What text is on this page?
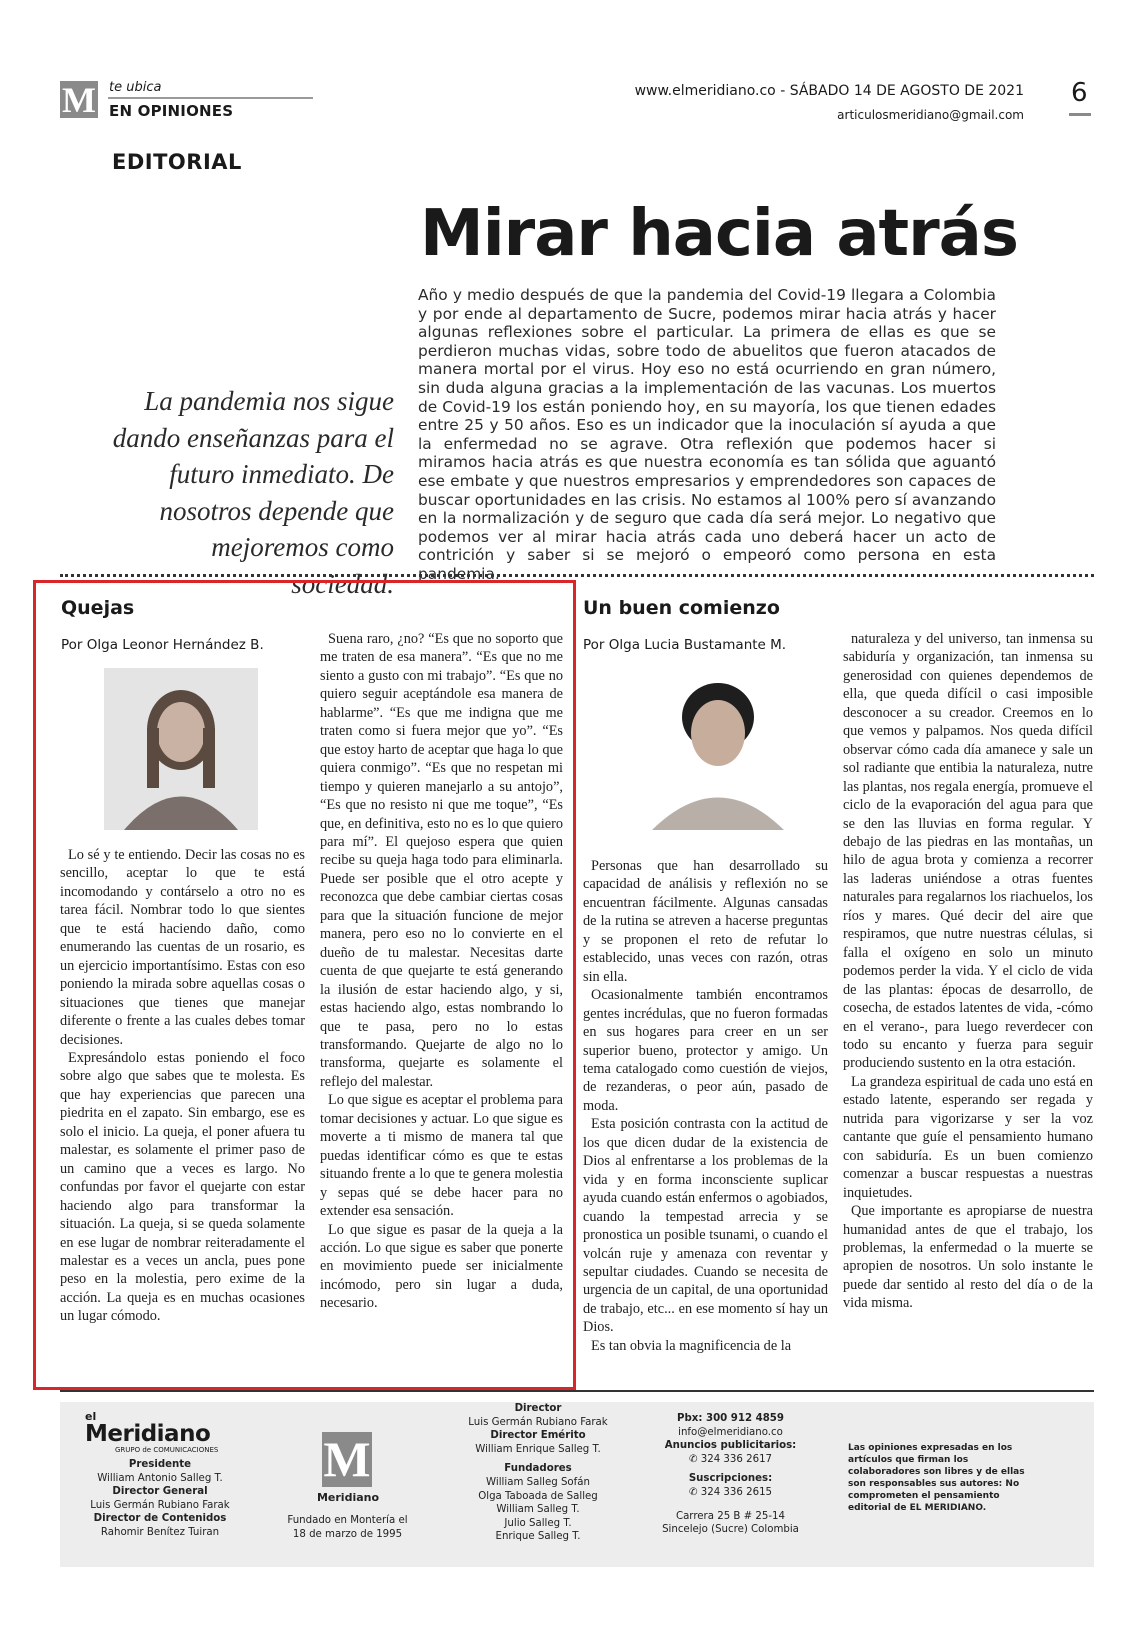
M te ubica
EN OPINIONES
www.elmeridiano.co - SÁBADO 14 DE AGOSTO DE 2021
articulosmeridiano@gmail.com
6
EDITORIAL
Mirar hacia atrás
Año y medio después de que la pandemia del Covid-19 llegara a Colombia y por ende al departamento de Sucre, podemos mirar hacia atrás y hacer algunas reflexiones sobre el particular. La primera de ellas es que se perdieron muchas vidas, sobre todo de abuelitos que fueron atacados de manera mortal por el virus. Hoy eso no está ocurriendo en gran número, sin duda alguna gracias a la implementación de las vacunas. Los muertos de Covid-19 los están poniendo hoy, en su mayoría, los que tienen edades entre 25 y 50 años. Eso es un indicador que la inoculación sí ayuda a que la enfermedad no se agrave. Otra reflexión que podemos hacer si miramos hacia atrás es que nuestra economía es tan sólida que aguantó ese embate y que nuestros empresarios y emprendedores son capaces de buscar oportunidades en las crisis. No estamos al 100% pero sí avanzando en la normalización y de seguro que cada día será mejor. Lo negativo que podemos ver al mirar hacia atrás cada uno deberá hacer un acto de contrición y saber si se mejoró o empeoró como persona en esta pandemia.
La pandemia nos sigue dando enseñanzas para el futuro inmediato. De nosotros depende que mejoremos como sociedad.
Quejas
Por Olga Leonor Hernández B.

Lo sé y te entiendo. Decir las cosas no es sencillo, aceptar lo que te está incomodando y contárselo a otro no es tarea fácil. Nombrar todo lo que sientes que te está haciendo daño, como enumerando las cuentas de un rosario, es un ejercicio importantísimo. Estas con eso poniendo la mirada sobre aquellas cosas o situaciones que tienes que manejar diferente o frente a las cuales debes tomar decisiones.

Expresándolo estas poniendo el foco sobre algo que sabes que te molesta. Es que hay experiencias que parecen una piedrita en el zapato. Sin embargo, ese es solo el inicio. La queja, el poner afuera tu malestar, es solamente el primer paso de un camino que a veces es largo. No confundas por favor el quejarte con estar haciendo algo para transformar la situación. La queja, si se queda solamente en ese lugar de nombrar reiteradamente el malestar es a veces un ancla, pues pone peso en la molestia, pero exime de la acción. La queja es en muchas ocasiones un lugar cómodo.

Suena raro, ¿no? “Es que no soporto que me traten de esa manera”. “Es que no me siento a gusto con mi trabajo”. “Es que no quiero seguir aceptándole esa manera de hablarme”. “Es que me indigna que me traten como si fuera mejor que yo”. “Es que estoy harto de aceptar que haga lo que quiera conmigo”. “Es que no respetan mi tiempo y quieren manejarlo a su antojo”, “Es que no resisto ni que me toque”, “Es que, en definitiva, esto no es lo que quiero para mí”. El quejoso espera que quien recibe su queja haga todo para eliminarla. Puede ser posible que el otro acepte y reconozca que debe cambiar ciertas cosas para que la situación funcione de mejor manera, pero eso no lo convierte en el dueño de tu malestar. Necesitas darte cuenta de que quejarte te está generando la ilusión de estar haciendo algo, y si, estas haciendo algo, estas nombrando lo que te pasa, pero no lo estas transformando. Quejarte de algo no lo transforma, quejarte es solamente el reflejo del malestar.

Lo que sigue es aceptar el problema para tomar decisiones y actuar. Lo que sigue es moverte a ti mismo de manera tal que puedas identificar cómo es que te estas situando frente a lo que te genera molestia y sepas qué se debe hacer para no extender esa sensación.

Lo que sigue es pasar de la queja a la acción. Lo que sigue es saber que ponerte en movimiento puede ser inicialmente incómodo, pero sin lugar a duda, necesario.

Un buen comienzo
Por Olga Lucia Bustamante M.

Personas que han desarrollado su capacidad de análisis y reflexión no se encuentran fácilmente. Algunas cansadas de la rutina se atreven a hacerse preguntas y se proponen el reto de refutar lo establecido, unas veces con razón, otras sin ella.

Ocasionalmente también encontramos gentes incrédulas, que no fueron formadas en sus hogares para creer en un ser superior bueno, protector y amigo. Un tema catalogado como cuestión de viejos, de rezanderas, o peor aún, pasado de moda.

Esta posición contrasta con la actitud de los que dicen dudar de la existencia de Dios al enfrentarse a los problemas de la vida y en forma inconsciente suplicar ayuda cuando están enfermos o agobiados, cuando la tempestad arrecia y se pronostica un posible tsunami, o cuando el volcán ruje y amenaza con reventar y sepultar ciudades. Cuando se necesita de urgencia de un capital, de una oportunidad de trabajo, etc... en ese momento sí hay un Dios.

Es tan obvia la magnificencia de la

naturaleza y del universo, tan inmensa su sabiduría y organización, tan inmensa su generosidad con quienes dependemos de ella, que queda difícil o casi imposible desconocer a su creador. Creemos en lo que vemos y palpamos. Nos queda difícil observar cómo cada día amanece y sale un sol radiante que entibia la naturaleza, nutre las plantas, nos regala energía, promueve el ciclo de la evaporación del agua para que se den las lluvias en forma regular. Y debajo de las piedras en las montañas, un hilo de agua brota y comienza a recorrer las laderas uniéndose a otras fuentes naturales para regalarnos los riachuelos, los ríos y mares. Qué decir del aire que respiramos, que nutre nuestras células, si falla el oxígeno en solo un minuto podemos perder la vida. Y el ciclo de vida de las plantas: épocas de desarrollo, de cosecha, de estados latentes de vida, -cómo en el verano-, para luego reverdecer con todo su encanto y fuerza para seguir produciendo sustento en la otra estación.

La grandeza espiritual de cada uno está en estado latente, esperando ser regada y nutrida para vigorizarse y ser la voz cantante que guíe el pensamiento humano con sabiduría. Es un buen comienzo comenzar a buscar respuestas a nuestras inquietudes.

Que importante es apropiarse de nuestra humanidad antes de que el trabajo, los problemas, la enfermedad o la muerte se apropien de nosotros. Un solo instante le puede dar sentido al resto del día o de la vida misma.

el
Meridiano
GRUPO de COMUNICACIONES
Presidente
William Antonio Salleg T.
Director General
Luis Germán Rubiano Farak
Director de Contenidos
Rahomir Benítez Tuiran
M
Meridiano
Fundado en Montería el 18 de marzo de 1995
Director
Luis Germán Rubiano Farak
Director Emérito
William Enrique Salleg T.
Fundadores
William Salleg Sofán
Olga Taboada de Salleg
William Salleg T.
Julio Salleg T.
Enrique Salleg T.
Pbx: 300 912 4859
info@elmeridiano.co
Anuncios publicitarios:
✆ 324 336 2617
Suscripciones:
✆ 324 336 2615
Carrera 25 B # 25-14
Sincelejo (Sucre) Colombia
Las opiniones expresadas en los artículos que firman los colaboradores son libres y de ellas son responsables sus autores: No comprometen el pensamiento editorial de EL MERIDIANO.
